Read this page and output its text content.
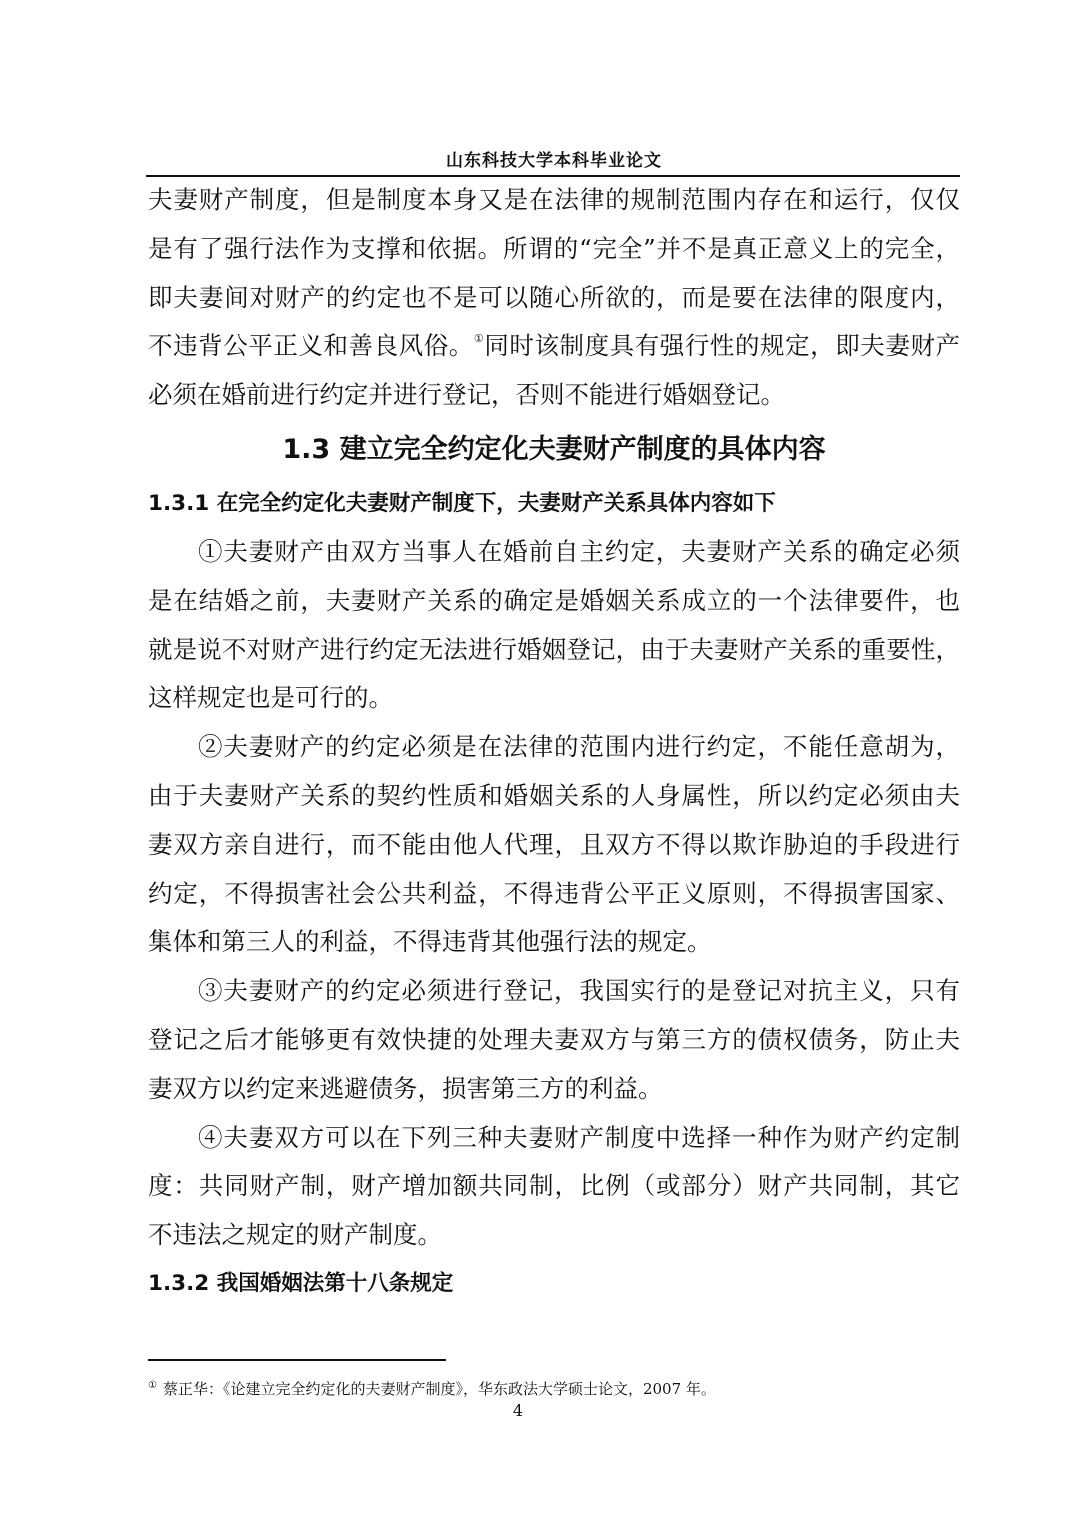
山东科技大学本科毕业论文
夫妻财产制度，但是制度本身又是在法律的规制范围内存在和运行，仅仅
是有了强行法作为支撑和依据。所谓的“完全”并不是真正意义上的完全，
即夫妻间对财产的约定也不是可以随心所欲的，而是要在法律的限度内，
不违背公平正义和善良风俗。①同时该制度具有强行性的规定，即夫妻财产
必须在婚前进行约定并进行登记，否则不能进行婚姻登记。
1.3 建立完全约定化夫妻财产制度的具体内容
1.3.1 在完全约定化夫妻财产制度下，夫妻财产关系具体内容如下
①夫妻财产由双方当事人在婚前自主约定，夫妻财产关系的确定必须
是在结婚之前，夫妻财产关系的确定是婚姻关系成立的一个法律要件，也
就是说不对财产进行约定无法进行婚姻登记，由于夫妻财产关系的重要性，
这样规定也是可行的。
②夫妻财产的约定必须是在法律的范围内进行约定，不能任意胡为，
由于夫妻财产关系的契约性质和婚姻关系的人身属性，所以约定必须由夫
妻双方亲自进行，而不能由他人代理，且双方不得以欺诈胁迫的手段进行
约定，不得损害社会公共利益，不得违背公平正义原则，不得损害国家、
集体和第三人的利益，不得违背其他强行法的规定。
③夫妻财产的约定必须进行登记，我国实行的是登记对抗主义，只有
登记之后才能够更有效快捷的处理夫妻双方与第三方的债权债务，防止夫
妻双方以约定来逃避债务，损害第三方的利益。
④夫妻双方可以在下列三种夫妻财产制度中选择一种作为财产约定制
度：共同财产制，财产增加额共同制，比例（或部分）财产共同制，其它
不违法之规定的财产制度。
1.3.2 我国婚姻法第十八条规定
① 蔡正华：《论建立完全约定化的夫妻财产制度》，华东政法大学硕士论文，2007 年。
4
